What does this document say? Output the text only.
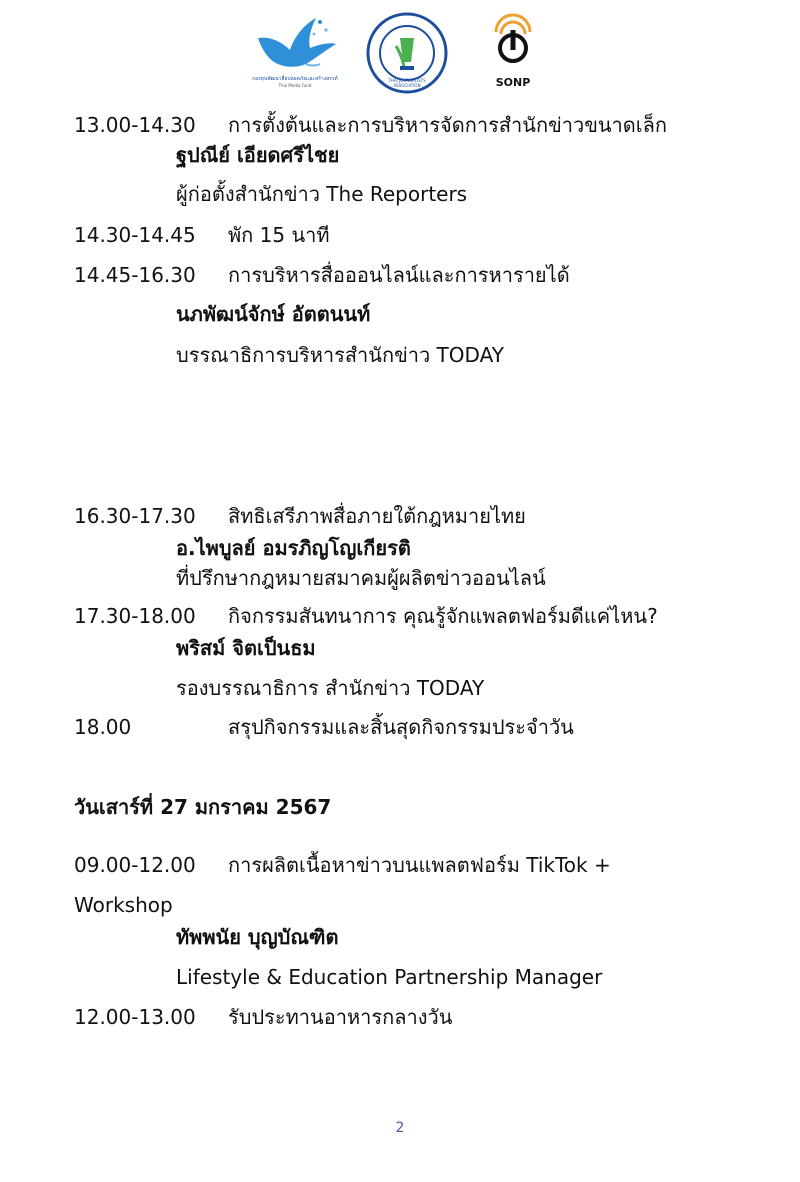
กองทุนพัฒนาสื่อปลอดภัยและสร้างสรรค์
Thai Media Fund
THAI JOURNALISTS ASSOCIATION	SONP
13.00-14.30 การตั้งต้นและการบริหารจัดการสำนักข่าวขนาดเล็ก
ฐปณีย์ เอียดศรีไชย
ผู้ก่อตั้งสำนักข่าว The Reporters
14.30-14.45 พัก 15 นาที
14.45-16.30 การบริหารสื่อออนไลน์และการหารายได้
นภพัฒน์จักษ์ อัตตนนท์
บรรณาธิการบริหารสำนักข่าว TODAY
16.30-17.30 สิทธิเสรีภาพสื่อภายใต้กฎหมายไทย
อ.ไพบูลย์ อมรภิญโญเกียรติ
ที่ปรึกษากฎหมายสมาคมผู้ผลิตข่าวออนไลน์
17.30-18.00 กิจกรรมสันทนาการ คุณรู้จักแพลตฟอร์มดีแค่ไหน?
พริสม์ จิตเป็นธม
รองบรรณาธิการ สำนักข่าว TODAY
18.00	สรุปกิจกรรมและสิ้นสุดกิจกรรมประจำวัน
วันเสาร์ที่ 27 มกราคม 2567
09.00-12.00 การผลิตเนื้อหาข่าวบนแพลตฟอร์ม TikTok +
Workshop
ทัพพนัย บุญบัณฑิต
Lifestyle & Education Partnership Manager
12.00-13.00 รับประทานอาหารกลางวัน
2
